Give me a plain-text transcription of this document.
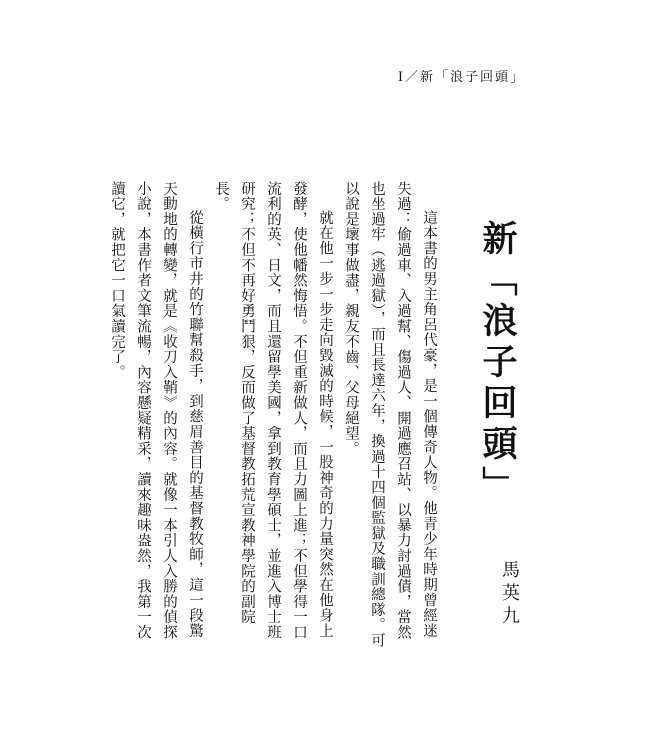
I／新「浪子回頭」
新「浪子回頭」
馬英九

這本書的男主角呂代豪，是一個傳奇人物。他青少年時期曾經迷失過：偷過車、入過幫、傷過人、開過應召站、以暴力討過債，當然也坐過牢（逃過獄），而且長達六年，換過十四個監獄及職訓總隊。可以說是壞事做盡，親友不齒、父母絕望。

就在他一步一步走向毀滅的時候，一股神奇的力量突然在他身上發酵，使他幡然悔悟。不但重新做人，而且力圖上進；不但學得一口流利的英、日文，而且還留學美國，拿到教育學碩士，並進入博士班研究；不但不再好勇鬥狠，反而做了基督教拓荒宣教神學院的副院長。

從橫行市井的竹聯幫殺手，到慈眉善目的基督教牧師，這一段驚天動地的轉變，就是《收刀入鞘》的內容。就像一本引人入勝的偵探小說，本書作者文筆流暢，內容懸疑精采，讀來趣味盎然，我第一次讀它，就把它一口氣讀完了。
